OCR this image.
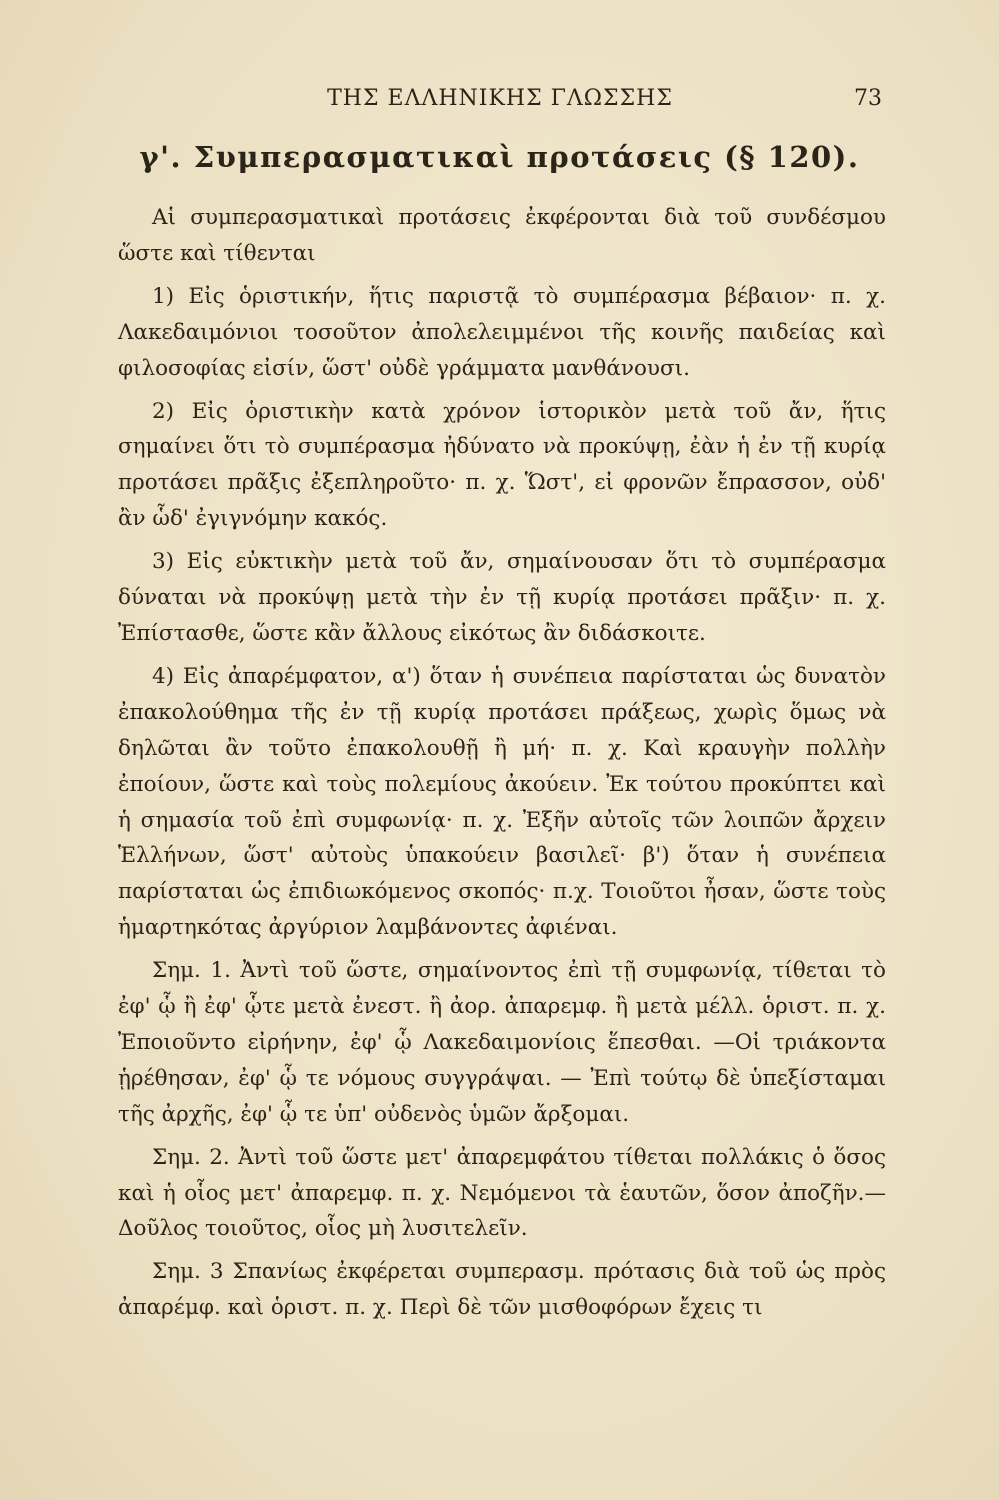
ΤΗΣ ΕΛΛΗΝΙΚΗΣ ΓΛΩΣΣΗΣ	73
γ'. Συμπερασματικαὶ προτάσεις (§ 120).

Αἱ συμπερασματικαὶ προτάσεις ἐκφέρονται διὰ τοῦ συνδέσμου ὥστε καὶ τίθενται

1) Εἰς ὁριστικήν, ἥτις παριστᾷ τὸ συμπέρασμα βέβαιον· π. χ. Λακεδαιμόνιοι τοσοῦτον ἀπολελειμμένοι τῆς κοινῆς παιδείας καὶ φιλοσοφίας εἰσίν, ὥστ' οὐδὲ γράμματα μανθάνουσι.

2) Εἰς ὁριστικὴν κατὰ χρόνον ἱστορικὸν μετὰ τοῦ ἄν, ἥτις σημαίνει ὅτι τὸ συμπέρασμα ἠδύνατο νὰ προκύψῃ, ἐὰν ἡ ἐν τῇ κυρίᾳ προτάσει πρᾶξις ἐξεπληροῦτο· π. χ. Ὥστ', εἰ φρονῶν ἔπρασσον, οὐδ' ἂν ὧδ' ἐγιγνόμην κακός.

3) Εἰς εὐκτικὴν μετὰ τοῦ ἄν, σημαίνουσαν ὅτι τὸ συμπέρασμα δύναται νὰ προκύψῃ μετὰ τὴν ἐν τῇ κυρίᾳ προτάσει πρᾶξιν· π. χ. Ἐπίστασθε, ὥστε κἂν ἄλλους εἰκότως ἂν διδάσκοιτε.

4) Εἰς ἀπαρέμφατον, α') ὅταν ἡ συνέπεια παρίσταται ὡς δυνατὸν ἐπακολούθημα τῆς ἐν τῇ κυρίᾳ προτάσει πράξεως, χωρὶς ὅμως νὰ δηλῶται ἂν τοῦτο ἐπακολουθῇ ἢ μή· π. χ. Καὶ κραυγὴν πολλὴν ἐποίουν, ὥστε καὶ τοὺς πολεμίους ἀκούειν. Ἐκ τούτου προκύπτει καὶ ἡ σημασία τοῦ ἐπὶ συμφωνίᾳ· π. χ. Ἐξῆν αὐτοῖς τῶν λοιπῶν ἄρχειν Ἑλλήνων, ὥστ' αὐτοὺς ὑπακούειν βασιλεῖ· β') ὅταν ἡ συνέπεια παρίσταται ὡς ἐπιδιωκόμενος σκοπός· π.χ. Τοιοῦτοι ἦσαν, ὥστε τοὺς ἡμαρτηκότας ἀργύριον λαμβάνοντες ἀφιέναι.

Σημ. 1. Ἀντὶ τοῦ ὥστε, σημαίνοντος ἐπὶ τῇ συμφωνίᾳ, τίθεται τὸ ἐφ' ᾧ ἢ ἐφ' ᾧτε μετὰ ἐνεστ. ἢ ἀορ. ἀπαρεμφ. ἢ μετὰ μέλλ. ὁριστ. π. χ. Ἐποιοῦντο εἰρήνην, ἐφ' ᾧ Λακεδαιμονίοις ἕπεσθαι. —Οἱ τριάκοντα ᾑρέθησαν, ἐφ' ᾧ τε νόμους συγγράψαι. — Ἐπὶ τούτῳ δὲ ὑπεξίσταμαι τῆς ἀρχῆς, ἐφ' ᾧ τε ὑπ' οὐδενὸς ὑμῶν ἄρξομαι.

Σημ. 2. Ἀντὶ τοῦ ὥστε μετ' ἀπαρεμφάτου τίθεται πολλάκις ὁ ὅσος καὶ ἡ οἷος μετ' ἀπαρεμφ. π. χ. Νεμόμενοι τὰ ἑαυτῶν, ὅσον ἀποζῆν.—Δοῦλος τοιοῦτος, οἷος μὴ λυσιτελεῖν.

Σημ. 3 Σπανίως ἐκφέρεται συμπερασμ. πρότασις διὰ τοῦ ὡς πρὸς ἀπαρέμφ. καὶ ὁριστ. π. χ. Περὶ δὲ τῶν μισθοφόρων ἔχεις τι
